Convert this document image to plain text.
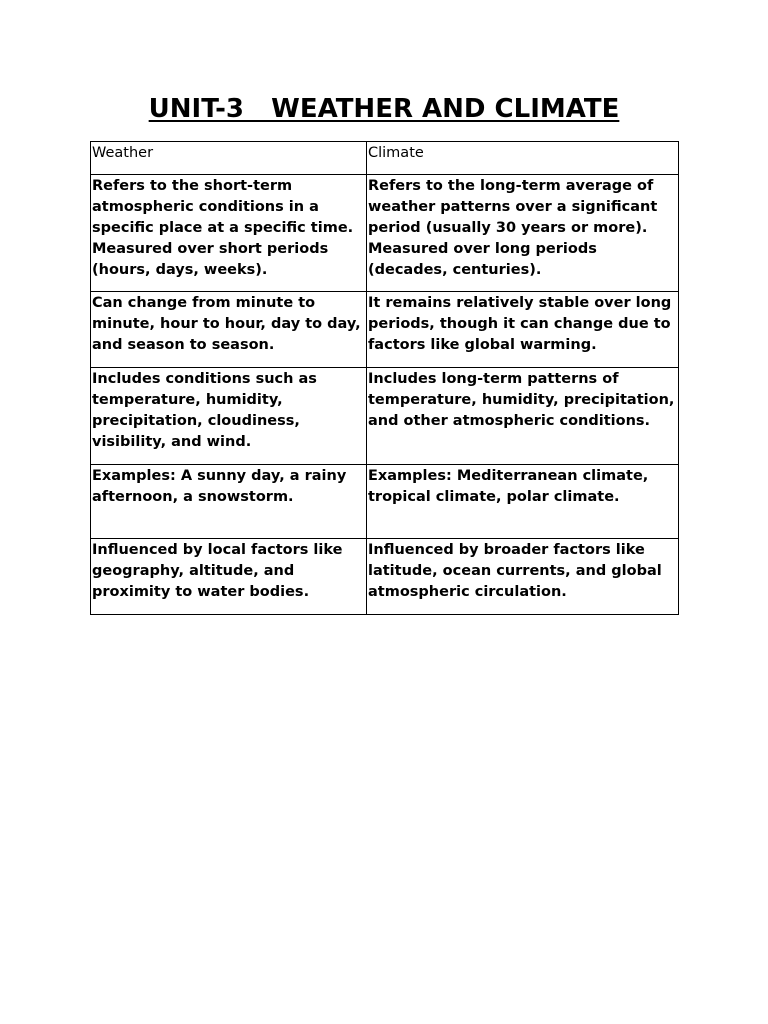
UNIT-3   WEATHER AND CLIMATE
Weather	Climate
Refers to the short-term atmospheric conditions in a specific place at a specific time. Measured over short periods (hours, days, weeks).	Refers to the long-term average of weather patterns over a significant period (usually 30 years or more). Measured over long periods (decades, centuries).
Can change from minute to minute, hour to hour, day to day, and season to season.	It remains relatively stable over long periods, though it can change due to factors like global warming.
Includes conditions such as temperature, humidity, precipitation, cloudiness, visibility, and wind.	Includes long-term patterns of temperature, humidity, precipitation, and other atmospheric conditions.
Examples: A sunny day, a rainy afternoon, a snowstorm.	Examples: Mediterranean climate, tropical climate, polar climate.
Influenced by local factors like geography, altitude, and proximity to water bodies.	Influenced by broader factors like latitude, ocean currents, and global atmospheric circulation.
